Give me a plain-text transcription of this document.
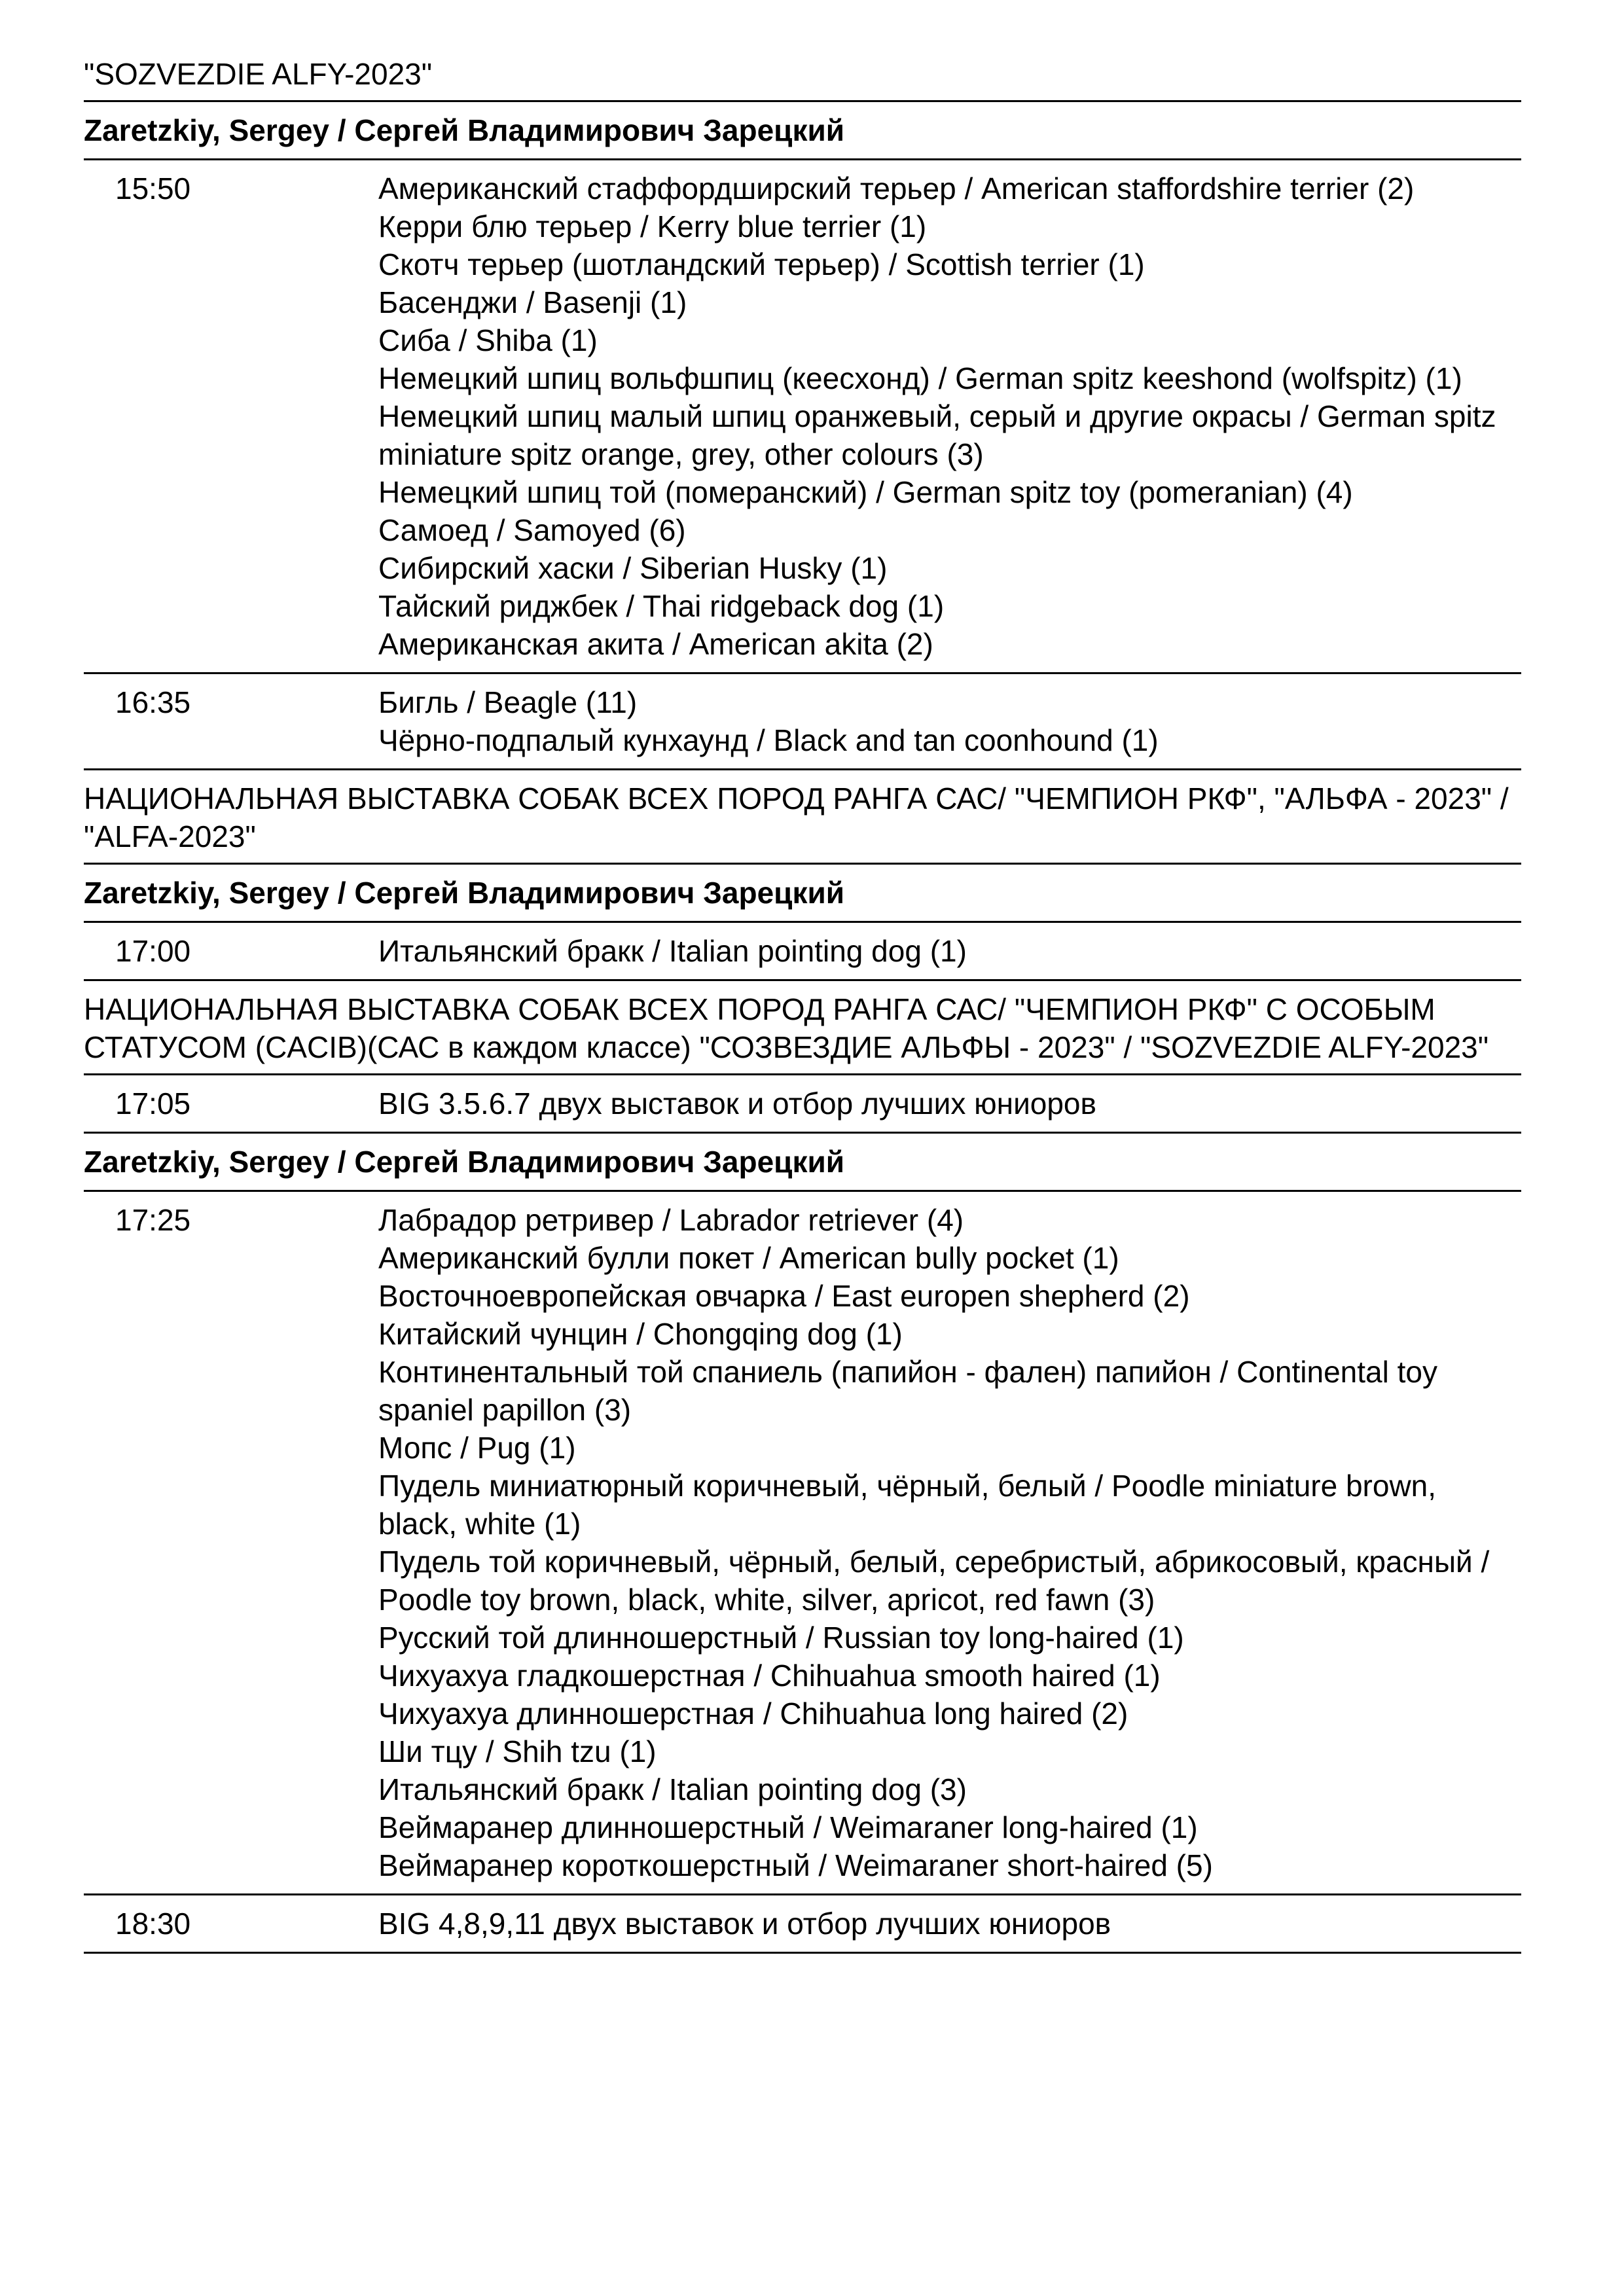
"SOZVEZDIE ALFY-2023"
Zaretzkiy, Sergey / Сергей Владимирович Зарецкий
15:50	Американский стаффордширский терьер / American staffordshire terrier (2)
Керри блю терьер / Kerry blue terrier (1)
Скотч терьер (шотландский терьер) / Scottish terrier (1)
Басенджи / Basenji (1)
Сиба / Shiba (1)
Немецкий шпиц вольфшпиц (кеесхонд) / German spitz keeshond (wolfspitz) (1)
Немецкий шпиц малый шпиц оранжевый, серый и другие окрасы / German spitz miniature spitz orange, grey, other colours (3)
Немецкий шпиц той (померанский) / German spitz toy (pomeranian) (4)
Самоед / Samoyed (6)
Сибирский хаски / Siberian Husky (1)
Тайский риджбек / Thai ridgeback dog (1)
Американская акита / American akita (2)
16:35	Бигль / Beagle (11)
Чёрно-подпалый кунхаунд / Black and tan coonhound (1)
НАЦИОНАЛЬНАЯ ВЫСТАВКА СОБАК ВСЕХ ПОРОД РАНГА САС/ "ЧЕМПИОН РКФ", "АЛЬФА - 2023" / "ALFA-2023"
Zaretzkiy, Sergey / Сергей Владимирович Зарецкий
17:00	Итальянский бракк / Italian pointing dog (1)
НАЦИОНАЛЬНАЯ ВЫСТАВКА СОБАК ВСЕХ ПОРОД РАНГА САС/ "ЧЕМПИОН РКФ" С ОСОБЫМ СТАТУСОМ (CACIB)(САС в каждом классе) "СОЗВЕЗДИЕ АЛЬФЫ - 2023" / "SOZVEZDIE ALFY-2023"
17:05	BIG 3.5.6.7 двух выставок и отбор лучших юниоров
Zaretzkiy, Sergey / Сергей Владимирович Зарецкий
17:25	Лабрадор ретривер / Labrador retriever (4)
Американский булли покет / American bully pocket (1)
Восточноевропейская овчарка / East europen shepherd (2)
Китайский чунцин / Chongqing dog (1)
Континентальный той спаниель (папийон - фален) папийон / Continental toy spaniel papillon (3)
Мопс / Pug (1)
Пудель миниатюрный коричневый, чёрный, белый / Poodle miniature brown, black, white (1)
Пудель той коричневый, чёрный, белый, серебристый, абрикосовый, красный / Poodle toy brown, black, white, silver, apricot, red fawn (3)
Русский той длинношерстный / Russian toy long-haired (1)
Чихуахуа гладкошерстная / Chihuahua smooth haired (1)
Чихуахуа длинношерстная / Chihuahua long haired (2)
Ши тцу / Shih tzu (1)
Итальянский бракк / Italian pointing dog (3)
Веймаранер длинношерстный / Weimaraner long-haired (1)
Веймаранер короткошерстный / Weimaraner short-haired (5)
18:30	BIG 4,8,9,11 двух выставок и отбор лучших юниоров
